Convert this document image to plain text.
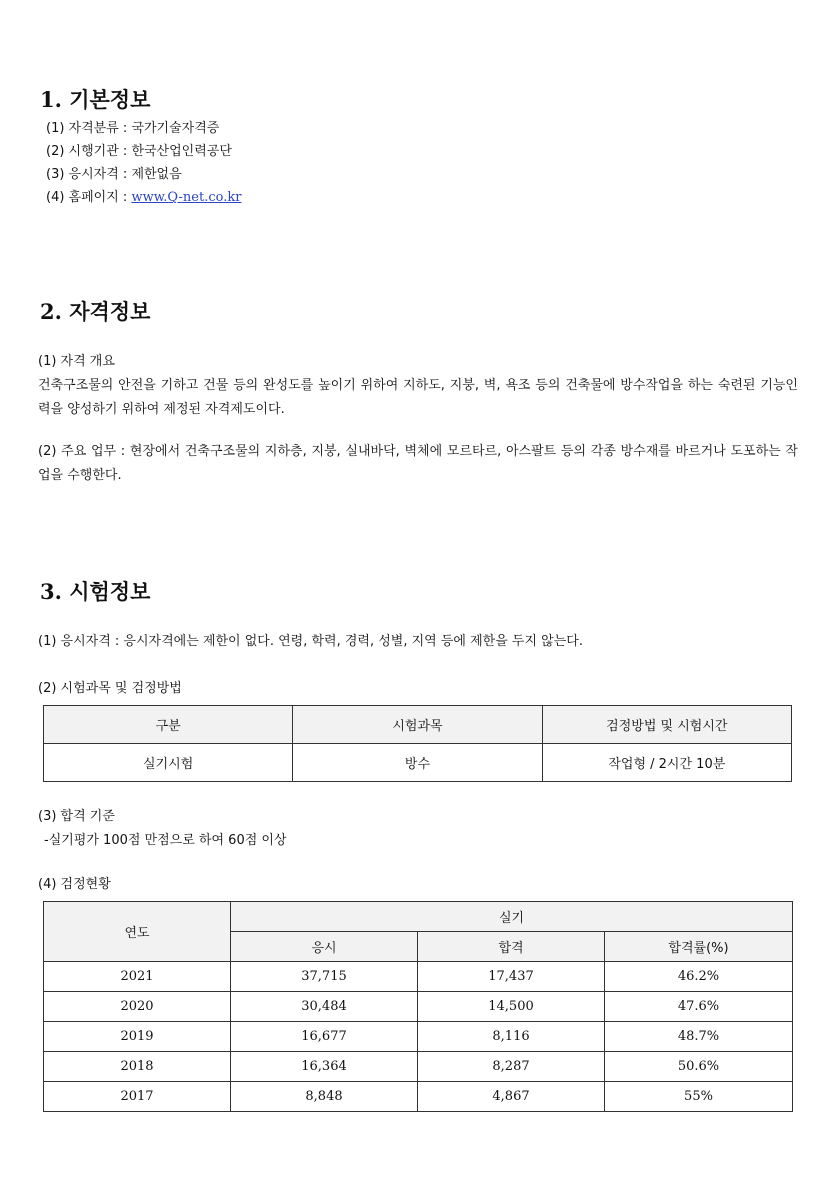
1. 기본정보
(1) 자격분류 : 국가기술자격증
(2) 시행기관 : 한국산업인력공단
(3) 응시자격 : 제한없음
(4) 홈페이지 : www.Q-net.co.kr
2. 자격정보
(1) 자격 개요
건축구조물의 안전을 기하고 건물 등의 완성도를 높이기 위하여 지하도, 지붕, 벽, 욕조 등의 건축물에 방수작업을 하는 숙련된 기능인력을 양성하기 위하여 제정된 자격제도이다.
(2) 주요 업무 : 현장에서 건축구조물의 지하층, 지붕, 실내바닥, 벽체에 모르타르, 아스팔트 등의 각종 방수재를 바르거나 도포하는 작업을 수행한다.
3. 시험정보

(1) 응시자격 : 응시자격에는 제한이 없다. 연령, 학력, 경력, 성별, 지역 등에 제한을 두지 않는다.

(2) 시험과목 및 검정방법

구분	시험과목	검정방법 및 시험시간
실기시험	방수	작업형 / 2시간 10분

(3) 합격 기준

-실기평가 100점 만점으로 하여 60점 이상

(4) 검정현황

연도	실기		
	응시	합격	합격률(%)
2021	37,715	17,437	46.2%
2020	30,484	14,500	47.6%
2019	16,677	8,116	48.7%
2018	16,364	8,287	50.6%
2017	8,848	4,867	55%
